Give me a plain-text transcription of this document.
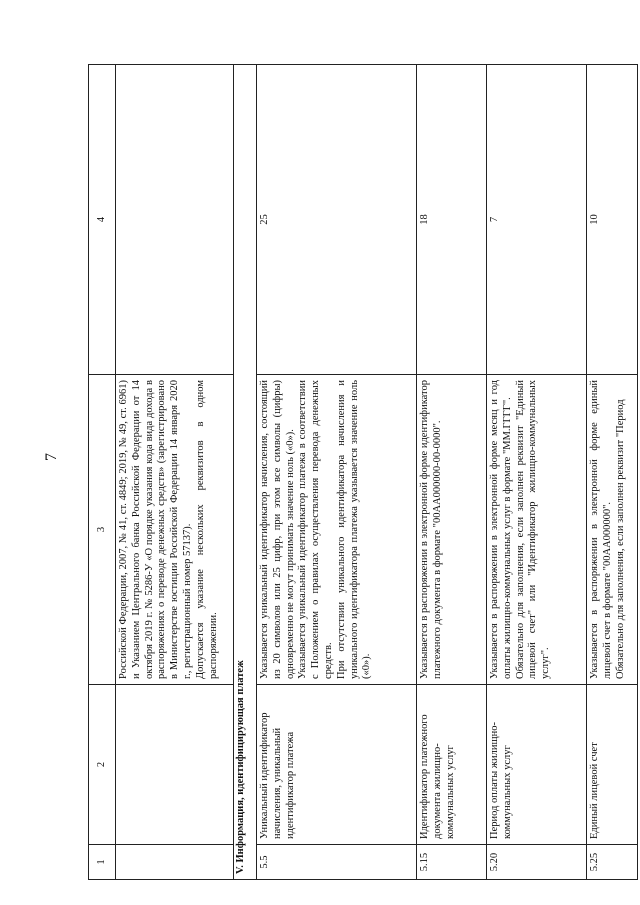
7
1	2	3	4

		Российской Федерации, 2007, № 41, ст. 4849; 2019, № 49, ст. 6961) и Указанием Центрального банка Российской Федерации от 14 октября 2019 г. № 5286-У «О порядке указания кода вида дохода в распоряжениях о переводе денежных средств» (зарегистрировано в Министерстве юстиции Российской Федерации 14 января 2020 г., регистрационный номер 57137). Допускается указание нескольких реквизитов в одном распоряжении.	

V. Информация, идентифицирующая платеж			
5.5	Уникальный идентификатор начисления, уникальный идентификатор платежа	Указывается уникальный идентификатор начисления, состоящий из 20 символов или 25 цифр, при этом все символы (цифры) одновременно не могут принимать значение ноль («0»). Указывается уникальный идентификатор платежа в соответствии с Положением о правилах осуществления перевода денежных средств. При отсутствии уникального идентификатора начисления и уникального идентификатора платежа указывается значение ноль («0»).	25
5.15	Идентификатор платежного документа жилищно-коммунальных услуг	Указывается в распоряжении в электронной форме идентификатор платежного документа в формате "00АА000000-00-0000".	18
5.20	Период оплаты жилищно-коммунальных услуг	Указывается в распоряжении в электронной форме месяц и год оплаты жилищно-коммунальных услуг в формате "ММ.ГГГГ". Обязательно для заполнения, если заполнен реквизит "Единый лицевой счет" или "Идентификатор жилищно-коммунальных услуг".	7
5.25	Единый лицевой счет	Указывается в распоряжении в электронной форме единый лицевой счет в формате "00АА000000". Обязательно для заполнения, если заполнен реквизит "Период	10
